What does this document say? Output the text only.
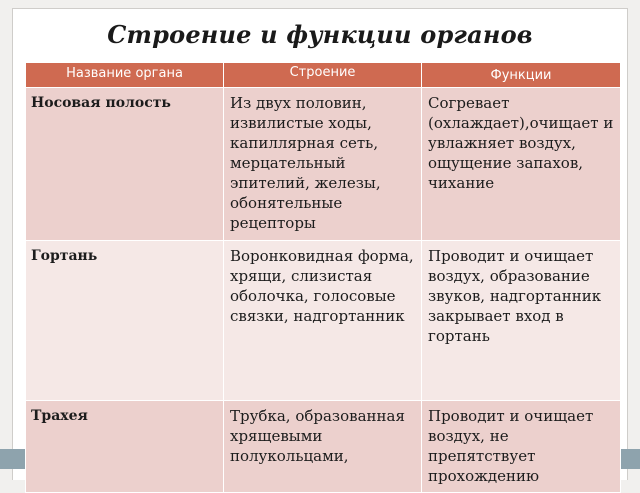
Строение и функции органов
Название органа	Строение	Функции

Носовая полость	Из двух половин, извилистые ходы, капиллярная сеть, мерцательный эпителий, железы, обонятельные рецепторы	Согревает (охлаждает),очищает и увлажняет воздух, ощущение запахов, чихание
Гортань	Воронковидная форма, хрящи, слизистая оболочка, голосовые связки, надгортанник	Проводит и очищает воздух, образование звуков, надгортанник закрывает вход в гортань
Трахея	Трубка, образованная хрящевыми полукольцами,	Проводит и очищает воздух, не препятствует прохождению
